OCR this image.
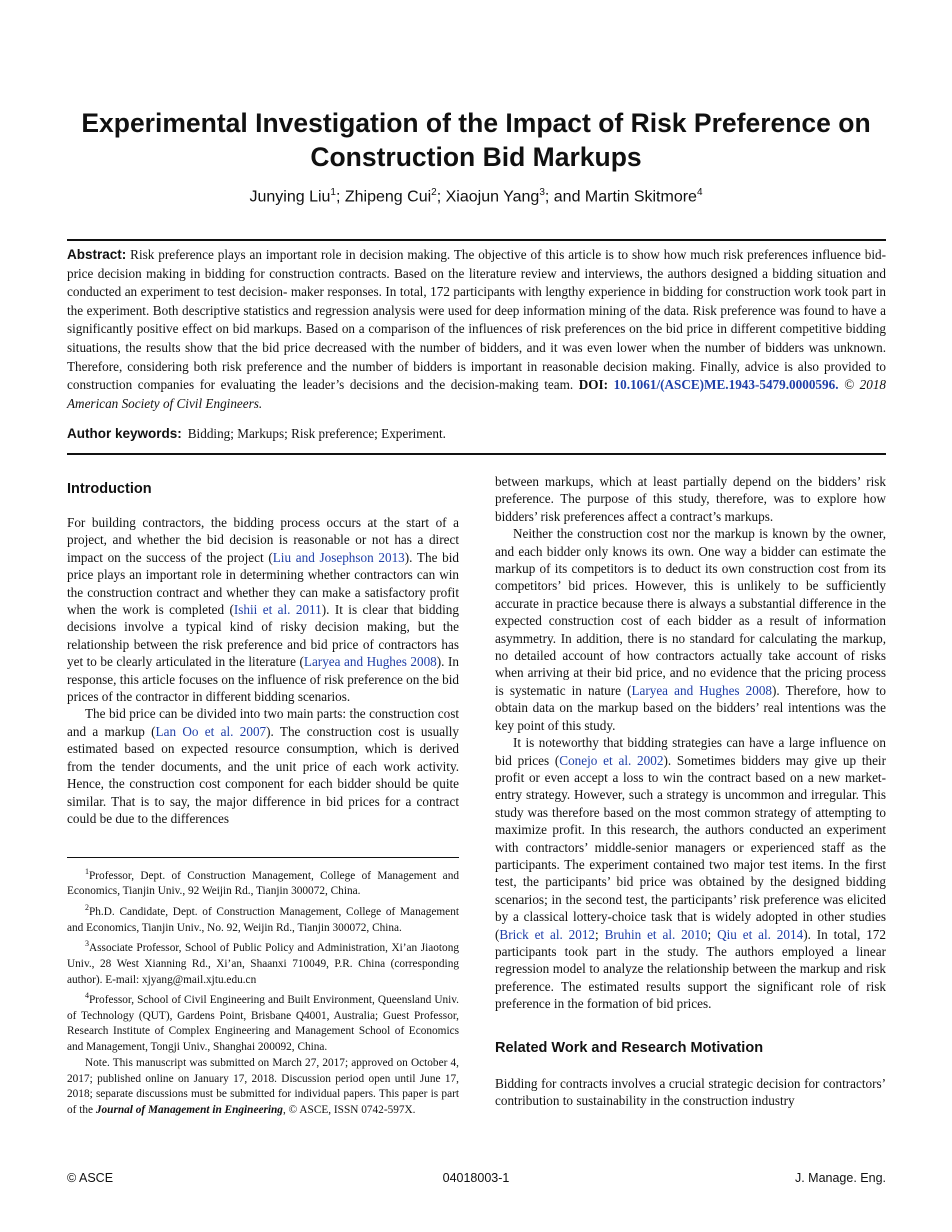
Experimental Investigation of the Impact of Risk Preference on Construction Bid Markups

Junying Liu$^1$; Zhipeng Cui$^2$; Xiaojun Yang$^3$; and Martin Skitmore$^4$

Abstract: Risk preference plays an important role in decision making. The objective of this article is to show how much risk preferences influence bid-price decision making in bidding for construction contracts. Based on the literature review and interviews, the authors designed a bidding situation and conducted an experiment to test decision- maker responses. In total, 172 participants with lengthy experience in bidding for construction work took part in the experiment. Both descriptive statistics and regression analysis were used for deep information mining of the data. Risk preference was found to have a significantly positive effect on bid markups. Based on a comparison of the influences of risk preferences on the bid price in different competitive bidding situations, the results show that the bid price decreased with the number of bidders, and it was even lower when the number of bidders was unknown. Therefore, considering both risk preference and the number of bidders is important in reasonable decision making. Finally, advice is also provided to construction companies for evaluating the leader’s decisions and the decision-making team. DOI: 10.1061/(ASCE)ME.1943-5479.0000596. © 2018 American Society of Civil Engineers.

Author keywords: Bidding; Markups; Risk preference; Experiment.

Introduction

For building contractors, the bidding process occurs at the start of a project, and whether the bid decision is reasonable or not has a direct impact on the success of the project (Liu and Josephson 2013). The bid price plays an important role in determining whether contractors can win the construction contract and whether they can make a satisfactory profit when the work is completed (Ishii et al. 2011). It is clear that bidding decisions involve a typical kind of risky decision making, but the relationship between the risk preference and bid price of contractors has yet to be clearly articulated in the literature (Laryea and Hughes 2008). In response, this article focuses on the influence of risk preference on the bid prices of the contractor in different bidding scenarios.

The bid price can be divided into two main parts: the construction cost and a markup (Lan Oo et al. 2007). The construction cost is usually estimated based on expected resource consumption, which is derived from the tender documents, and the unit price of each work activity. Hence, the construction cost component for each bidder should be quite similar. That is to say, the major difference in bid prices for a contract could be due to the differences

$^1$Professor, Dept. of Construction Management, College of Management and Economics, Tianjin Univ., 92 Weijin Rd., Tianjin 300072, China.

$^2$Ph.D. Candidate, Dept. of Construction Management, College of Management and Economics, Tianjin Univ., No. 92, Weijin Rd., Tianjin 300072, China.

$^3$Associate Professor, School of Public Policy and Administration, Xi’an Jiaotong Univ., 28 West Xianning Rd., Xi’an, Shaanxi 710049, P.R. China (corresponding author). E-mail: xjyang@mail.xjtu.edu.cn

$^4$Professor, School of Civil Engineering and Built Environment, Queensland Univ. of Technology (QUT), Gardens Point, Brisbane Q4001, Australia; Guest Professor, Research Institute of Complex Engineering and Management School of Economics and Management, Tongji Univ., Shanghai 200092, China.

Note. This manuscript was submitted on March 27, 2017; approved on October 4, 2017; published online on January 17, 2018. Discussion period open until June 17, 2018; separate discussions must be submitted for individual papers. This paper is part of the Journal of Management in Engineering, © ASCE, ISSN 0742-597X.

between markups, which at least partially depend on the bidders’ risk preference. The purpose of this study, therefore, was to explore how bidders’ risk preferences affect a contract’s markups.

Neither the construction cost nor the markup is known by the owner, and each bidder only knows its own. One way a bidder can estimate the markup of its competitors is to deduct its own construction cost from its competitors’ bid prices. However, this is unlikely to be sufficiently accurate in practice because there is always a substantial difference in the expected construction cost of each bidder as a result of information asymmetry. In addition, there is no standard for calculating the markup, no detailed account of how contractors actually take account of risks when arriving at their bid price, and no evidence that the pricing process is systematic in nature (Laryea and Hughes 2008). Therefore, how to obtain data on the markup based on the bidders’ real intentions was the key point of this study.

It is noteworthy that bidding strategies can have a large influence on bid prices (Conejo et al. 2002). Sometimes bidders may give up their profit or even accept a loss to win the contract based on a new market-entry strategy. However, such a strategy is uncommon and irregular. This study was therefore based on the most common strategy of attempting to maximize profit. In this research, the authors conducted an experiment with contractors’ middle-senior managers or experienced staff as the participants. The experiment contained two major test items. In the first test, the participants’ bid price was obtained by the designed bidding scenarios; in the second test, the participants’ risk preference was elicited by a classical lottery-choice task that is widely adopted in other studies (Brick et al. 2012; Bruhin et al. 2010; Qiu et al. 2014). In total, 172 participants took part in the study. The authors employed a linear regression model to analyze the relationship between the markup and risk preference. The estimated results support the significant role of risk preference in the formation of bid prices.

Related Work and Research Motivation

Bidding for contracts involves a crucial strategic decision for contractors’ contribution to sustainability in the construction industry

© ASCE	04018003-1	J. Manage. Eng.
